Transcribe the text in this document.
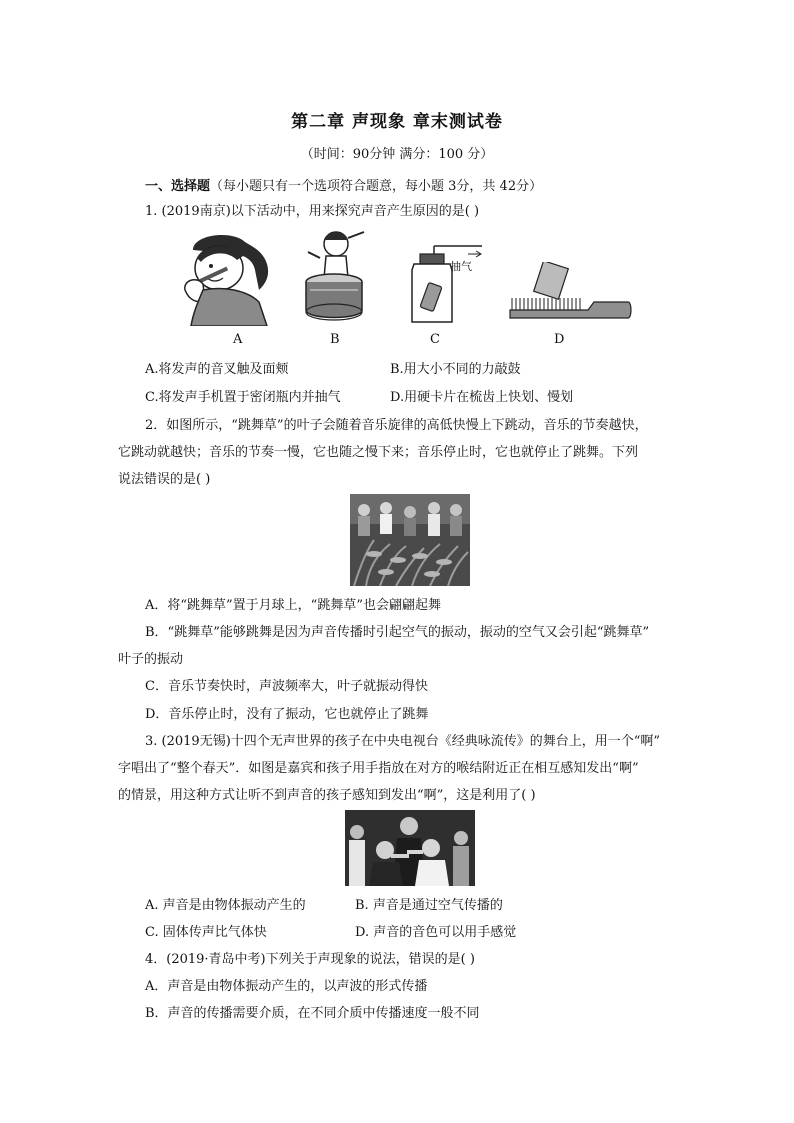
第二章 声现象 章末测试卷
（时间：90分钟 满分：100 分）
一、选择题（每小题只有一个选项符合题意，每小题 3分，共 42分）
1. (2019南京)以下活动中，用来探究声音产生原因的是( )
A	B
抽气
C	D
A.将发声的音叉触及面颊	B.用大小不同的力敲鼓
C.将发声手机置于密闭瓶内并抽气	D.用硬卡片在梳齿上快划、慢划
2．如图所示，“跳舞草”的叶子会随着音乐旋律的高低快慢上下跳动，音乐的节奏越快，
它跳动就越快；音乐的节奏一慢，它也随之慢下来；音乐停止时，它也就停止了跳舞。下列
说法错误的是( )
A．将“跳舞草”置于月球上，“跳舞草”也会翩翩起舞
B．“跳舞草”能够跳舞是因为声音传播时引起空气的振动，振动的空气又会引起“跳舞草”
叶子的振动
C．音乐节奏快时，声波频率大，叶子就振动得快
D．音乐停止时，没有了振动，它也就停止了跳舞
3. (2019无锡)十四个无声世界的孩子在中央电视台《经典咏流传》的舞台上，用一个“啊”
字唱出了“整个春天”．如图是嘉宾和孩子用手指放在对方的喉结附近正在相互感知发出“啊”
的情景，用这种方式让听不到声音的孩子感知到发出“啊”，这是利用了( )
A. 声音是由物体振动产生的	B. 声音是通过空气传播的
C. 固体传声比气体快	D. 声音的音色可以用手感觉
4．(2019·青岛中考)下列关于声现象的说法，错误的是( )
A．声音是由物体振动产生的，以声波的形式传播
B．声音的传播需要介质，在不同介质中传播速度一般不同
